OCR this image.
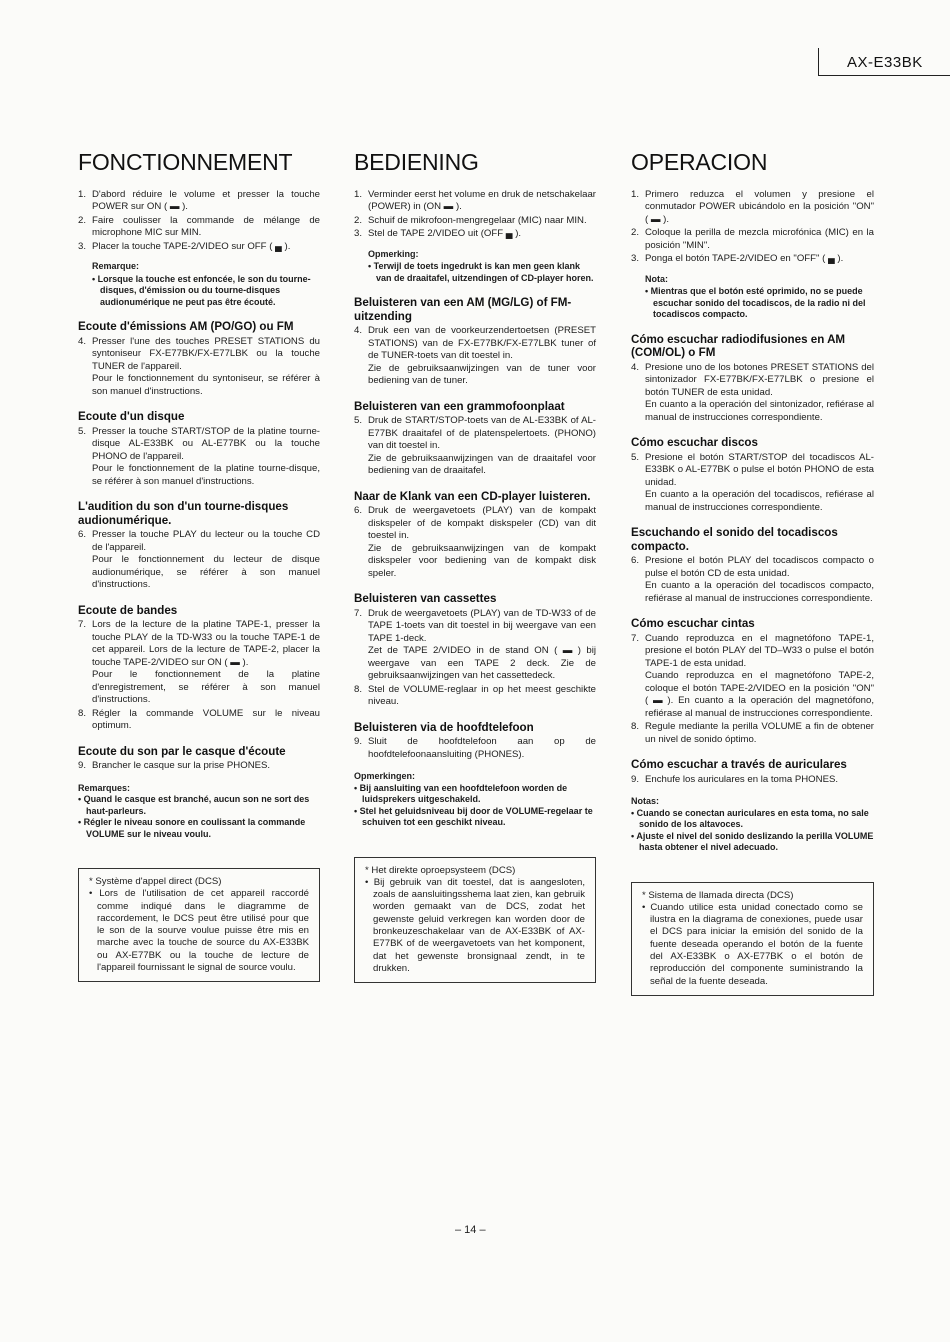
AX-E33BK
FONCTIONNEMENT
1. D'abord réduire le volume et presser la touche POWER sur ON ( ▬ ).
2. Faire coulisser la commande de mélange de microphone MIC sur MIN.
3. Placer la touche TAPE-2/VIDEO sur OFF ( ▄ ).
Remarque:
• Lorsque la touche est enfoncée, le son du tourne-disques, d'émission ou du tourne-disques audionumérique ne peut pas être écouté.
Ecoute d'émissions AM (PO/GO) ou FM
4. Presser l'une des touches PRESET STATIONS du syntoniseur FX-E77BK/FX-E77LBK ou la touche TUNER de l'appareil.
Pour le fonctionnement du syntoniseur, se référer à son manuel d'instructions.
Ecoute d'un disque
5. Presser la touche START/STOP de la platine tourne-disque AL-E33BK ou AL-E77BK ou la touche PHONO de l'appareil.
Pour le fonctionnement de la platine tourne-disque, se référer à son manuel d'instructions.
L'audition du son d'un tourne-disques audionumérique.
6. Presser la touche PLAY du lecteur ou la touche CD de l'appareil.
Pour le fonctionnement du lecteur de disque audionumérique, se référer à son manuel d'instructions.
Ecoute de bandes
7. Lors de la lecture de la platine TAPE-1, presser la touche PLAY de la TD-W33 ou la touche TAPE-1 de cet appareil. Lors de la lecture de TAPE-2, placer la touche TAPE-2/VIDEO sur ON ( ▬ ).
Pour le fonctionnement de la platine d'enregistrement, se référer à son manuel d'instructions.
8. Régler la commande VOLUME sur le niveau optimum.
Ecoute du son par le casque d'écoute
9. Brancher le casque sur la prise PHONES.
Remarques:
• Quand le casque est branché, aucun son ne sort des haut-parleurs.
• Régler le niveau sonore en coulissant la commande VOLUME sur le niveau voulu.
* Système d'appel direct (DCS)
• Lors de l'utilisation de cet appareil raccordé comme indiqué dans le diagramme de raccordement, le DCS peut être utilisé pour que le son de la sourve voulue puisse être mis en marche avec la touche de source du AX-E33BK ou AX-E77BK ou la touche de lecture de l'appareil fournissant le signal de source voulu.
BEDIENING
1. Verminder eerst het volume en druk de netschakelaar (POWER) in (ON ▬ ).
2. Schuif de mikrofoon-mengregelaar (MIC) naar MIN.
3. Stel de TAPE 2/VIDEO uit (OFF ▄ ).
Opmerking:
• Terwijl de toets ingedrukt is kan men geen klank van de draaitafel, uitzendingen of CD-player horen.
Beluisteren van een AM (MG/LG) of FM-uitzending
4. Druk een van de voorkeurzendertoetsen (PRESET STATIONS) van de FX-E77BK/FX-E77LBK tuner of de TUNER-toets van dit toestel in.
Zie de gebruiksaanwijzingen van de tuner voor bediening van de tuner.
Beluisteren van een grammofoonplaat
5. Druk de START/STOP-toets van de AL-E33BK of AL-E77BK draaitafel of de platenspelertoets. (PHONO) van dit toestel in.
Zie de gebruiksaanwijzingen van de draaitafel voor bediening van de draaitafel.
Naar de Klank van een CD-player luisteren.
6. Druk de weergavetoets (PLAY) van de kompakt diskspeler of de kompakt diskspeler (CD) van dit toestel in.
Zie de gebruiksaanwijzingen van de kompakt diskspeler voor bediening van de kompakt disk speler.
Beluisteren van cassettes
7. Druk de weergavetoets (PLAY) van de TD-W33 of de TAPE 1-toets van dit toestel in bij weergave van een TAPE 1-deck.
Zet de TAPE 2/VIDEO in de stand ON ( ▬ ) bij weergave van een TAPE 2 deck. Zie de gebruiksaanwijzingen van het cassettedeck.
8. Stel de VOLUME-reglaar in op het meest geschikte niveau.
Beluisteren via de hoofdtelefoon
9. Sluit de hoofdtelefoon aan op de hoofdtelefoonaansluiting (PHONES).
Opmerkingen:
• Bij aansluiting van een hoofdtelefoon worden de luidsprekers uitgeschakeld.
• Stel het geluidsniveau bij door de VOLUME-regelaar te schuiven tot een geschikt niveau.
* Het direkte oproepsysteem (DCS)
• Bij gebruik van dit toestel, dat is aangesloten, zoals de aansluitingsshema laat zien, kan gebruik worden gemaakt van de DCS, zodat het gewenste geluid verkregen kan worden door de bronkeuzeschakelaar van de AX-E33BK of AX-E77BK of de weergavetoets van het komponent, dat het gewenste bronsignaal zendt, in te drukken.
OPERACION
1. Primero reduzca el volumen y presione el conmutador POWER ubicándolo en la posición "ON" ( ▬ ).
2. Coloque la perilla de mezcla microfónica (MIC) en la posición "MIN".
3. Ponga el botón TAPE-2/VIDEO en "OFF" ( ▄ ).
Nota:
• Mientras que el botón esté oprimido, no se puede escuchar sonido del tocadiscos, de la radio ni del tocadiscos compacto.
Cómo escuchar radiodifusiones en AM (COM/OL) o FM
4. Presione uno de los botones PRESET STATIONS del sintonizador FX-E77BK/FX-E77LBK o presione el botón TUNER de esta unidad.
En cuanto a la operación del sintonizador, refiérase al manual de instrucciones correspondiente.
Cómo escuchar discos
5. Presione el botón START/STOP del tocadiscos AL-E33BK o AL-E77BK o pulse el botón PHONO de esta unidad.
En cuanto a la operación del tocadiscos, refiérase al manual de instrucciones correspondiente.
Escuchando el sonido del tocadiscos compacto.
6. Presione el botón PLAY del tocadiscos compacto o pulse el botón CD de esta unidad.
En cuanto a la operación del tocadiscos compacto, refiérase al manual de instrucciones correspondiente.
Cómo escuchar cintas
7. Cuando reproduzca en el magnetófono TAPE-1, presione el botón PLAY del TD–W33 o pulse el botón TAPE-1 de esta unidad.
Cuando reproduzca en el magnetófono TAPE-2, coloque el botón TAPE-2/VIDEO en la posición "ON" ( ▬ ). En cuanto a la operación del magnetófono, refiérase al manual de instrucciones correspondiente.
8. Regule mediante la perilla VOLUME a fin de obtener un nivel de sonido óptimo.
Cómo escuchar a través de auriculares
9. Enchufe los auriculares en la toma PHONES.
Notas:
• Cuando se conectan auriculares en esta toma, no sale sonido de los altavoces.
• Ajuste el nivel del sonido deslizando la perilla VOLUME hasta obtener el nivel adecuado.
* Sistema de llamada directa (DCS)
• Cuando utilice esta unidad conectado como se ilustra en la diagrama de conexiones, puede usar el DCS para iniciar la emisión del sonido de la fuente deseada operando el botón de la fuente del AX-E33BK o AX-E77BK o el botón de reproducción del componente suministrando la señal de la fuente deseada.
– 14 –
